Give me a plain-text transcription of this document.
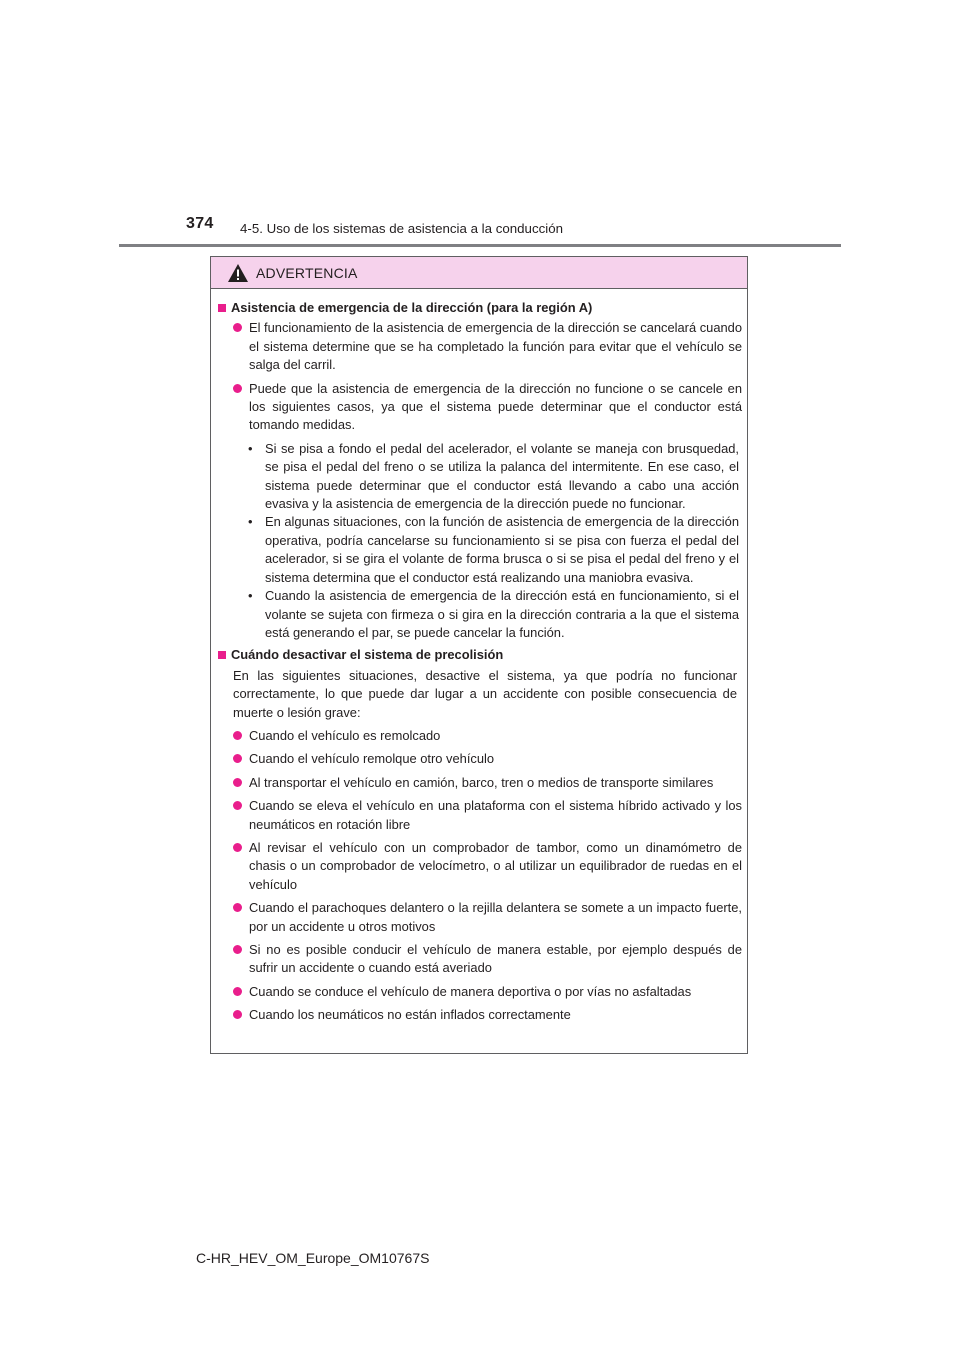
374 4-5. Uso de los sistemas de asistencia a la conducción
ADVERTENCIA
Asistencia de emergencia de la dirección (para la región A)
El funcionamiento de la asistencia de emergencia de la dirección se cancelará cuando el sistema determine que se ha completado la función para evitar que el vehículo se salga del carril.
Puede que la asistencia de emergencia de la dirección no funcione o se cancele en los siguientes casos, ya que el sistema puede determinar que el conductor está tomando medidas.
• Si se pisa a fondo el pedal del acelerador, el volante se maneja con brusquedad, se pisa el pedal del freno o se utiliza la palanca del intermitente. En ese caso, el sistema puede determinar que el conductor está llevando a cabo una acción evasiva y la asistencia de emergencia de la dirección puede no funcionar.
• En algunas situaciones, con la función de asistencia de emergencia de la dirección operativa, podría cancelarse su funcionamiento si se pisa con fuerza el pedal del acelerador, si se gira el volante de forma brusca o si se pisa el pedal del freno y el sistema determina que el conductor está realizando una maniobra evasiva.
• Cuando la asistencia de emergencia de la dirección está en funcionamiento, si el volante se sujeta con firmeza o si gira en la dirección contraria a la que el sistema está generando el par, se puede cancelar la función.
Cuándo desactivar el sistema de precolisión
En las siguientes situaciones, desactive el sistema, ya que podría no funcionar correctamente, lo que puede dar lugar a un accidente con posible consecuencia de muerte o lesión grave:
Cuando el vehículo es remolcado
Cuando el vehículo remolque otro vehículo
Al transportar el vehículo en camión, barco, tren o medios de transporte similares
Cuando se eleva el vehículo en una plataforma con el sistema híbrido activado y los neumáticos en rotación libre
Al revisar el vehículo con un comprobador de tambor, como un dinamómetro de chasis o un comprobador de velocímetro, o al utilizar un equilibrador de ruedas en el vehículo
Cuando el parachoques delantero o la rejilla delantera se somete a un impacto fuerte, por un accidente u otros motivos
Si no es posible conducir el vehículo de manera estable, por ejemplo después de sufrir un accidente o cuando está averiado
Cuando se conduce el vehículo de manera deportiva o por vías no asfaltadas
Cuando los neumáticos no están inflados correctamente
C-HR_HEV_OM_Europe_OM10767S
